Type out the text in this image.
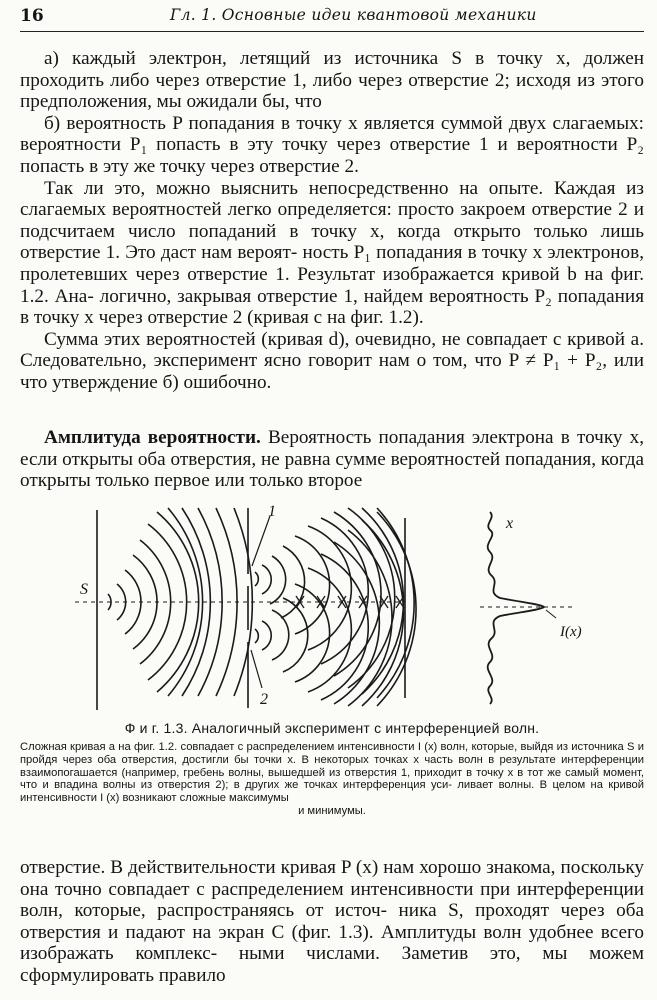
16	Гл. 1. Основные идеи квантовой механики

а) каждый электрон, летящий из источника S в точку x, должен проходить либо через отверстие 1, либо через отверстие 2; исходя из этого предположения, мы ожидали бы, что

б) вероятность P попадания в точку x является суммой двух слагаемых: вероятности P₁ попасть в эту точку через отверстие 1 и вероятности P₂ попасть в эту же точку через отверстие 2.

Так ли это, можно выяснить непосредственно на опыте. Каждая из слагаемых вероятностей легко определяется: просто закроем отверстие 2 и подсчитаем число попаданий в точку x, когда открыто только лишь отверстие 1. Это даст нам вероят- ность P₁ попадания в точку x электронов, пролетевших через отверстие 1. Результат изображается кривой b на фиг. 1.2. Ана- логично, закрывая отверстие 1, найдем вероятность P₂ попадания в точку x через отверстие 2 (кривая c на фиг. 1.2).

Сумма этих вероятностей (кривая d), очевидно, не совпадает с кривой a. Следовательно, эксперимент ясно говорит нам о том, что P ≠ P₁ + P₂, или что утверждение б) ошибочно.

Амплитуда вероятности. Вероятность попадания электрона в точку x, если открыты оба отверстия, не равна сумме вероятностей попадания, когда открыты только первое или только второе

S
1
2
x
I(x)
Ф и г. 1.3. Аналогичный эксперимент с интерференцией волн.
Сложная кривая a на фиг. 1.2. совпадает с распределением интенсивности I (x) волн, которые, выйдя из источника S и пройдя через оба отверстия, достигли бы точки x. В некоторых точках x часть волн в результате интерференции взаимопогашается (например, гребень волны, вышедшей из отверстия 1, приходит в точку x в тот же самый момент, что и впадина волны из отверстия 2); в других же точках интерференция уси- ливает волны. В целом на кривой интенсивности I (x) возникают сложные максимумы
и минимумы.

отверстие. В действительности кривая P (x) нам хорошо знакома, поскольку она точно совпадает с распределением интенсивности при интерференции волн, которые, распространяясь от источ- ника S, проходят через оба отверстия и падают на экран C (фиг. 1.3). Амплитуды волн удобнее всего изображать комплекс- ными числами. Заметив это, мы можем сформулировать правило
